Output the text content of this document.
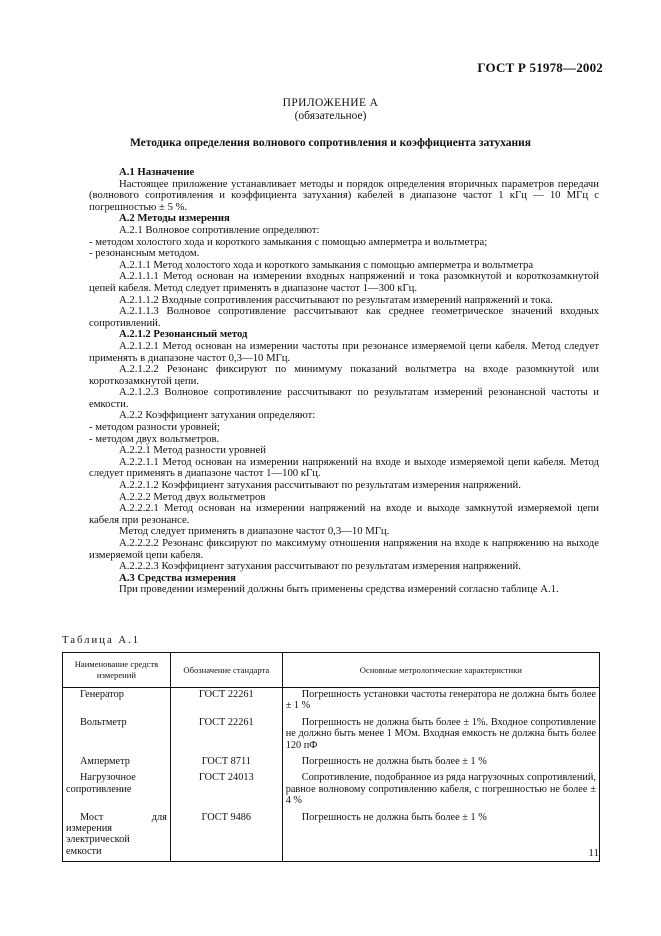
ГОСТ Р 51978—2002
ПРИЛОЖЕНИЕ А
(обязательное)
Методика определения волнового сопротивления и коэффициента затухания

А.1 Назначение

Настоящее приложение устанавливает методы и порядок определения вторичных параметров передачи (волнового сопротивления и коэффициента затухания) кабелей в диапазоне частот 1 кГц — 10 МГц с погрешностью ± 5 %.

А.2 Методы измерения

А.2.1 Волновое сопротивление определяют:

- методом холостого хода и короткого замыкания с помощью амперметра и вольтметра;

- резонансным методом.

А.2.1.1 Метод холостого хода и короткого замыкания с помощью амперметра и вольтметра

А.2.1.1.1 Метод основан на измерении входных напряжений и тока разомкнутой и короткозамкнутой цепей кабеля. Метод следует применять в диапазоне частот 1—300 кГц.

А.2.1.1.2 Входные сопротивления рассчитывают по результатам измерений напряжений и тока.

А.2.1.1.3 Волновое сопротивление рассчитывают как среднее геометрическое значений входных сопротивлений.

А.2.1.2 Резонансный метод

А.2.1.2.1 Метод основан на измерении частоты при резонансе измеряемой цепи кабеля. Метод следует применять в диапазоне частот 0,3—10 МГц.

А.2.1.2.2 Резонанс фиксируют по минимуму показаний вольтметра на входе разомкнутой или короткозамкнутой цепи.

А.2.1.2.3 Волновое сопротивление рассчитывают по результатам измерений резонансной частоты и емкости.

А.2.2 Коэффициент затухания определяют:

- методом разности уровней;

- методом двух вольтметров.

А.2.2.1 Метод разности уровней

А.2.2.1.1 Метод основан на измерении напряжений на входе и выходе измеряемой цепи кабеля. Метод следует применять в диапазоне частот 1—100 кГц.

А.2.2.1.2 Коэффициент затухания рассчитывают по результатам измерения напряжений.

А.2.2.2 Метод двух вольтметров

А.2.2.2.1 Метод основан на измерении напряжений на входе и выходе замкнутой измеряемой цепи кабеля при резонансе.

Метод следует применять в диапазоне частот 0,3—10 МГц.

А.2.2.2.2 Резонанс фиксируют по максимуму отношения напряжения на входе к напряжению на выходе измеряемой цепи кабеля.

А.2.2.2.3 Коэффициент затухания рассчитывают по результатам измерения напряжений.

А.3 Средства измерения

При проведении измерений должны быть применены средства измерений согласно таблице А.1.

Таблица А.1
Наименование средств измерений	Обозначение стандарта	Основные метрологические характеристики
Генератор	ГОСТ 22261	Погрешность установки частоты генератора не должна быть более ± 1 %
Вольтметр	ГОСТ 22261	Погрешность не должна быть более ± 1%. Входное сопротивление не должно быть менее 1 МОм. Входная емкость не должна быть более 120 пФ
Амперметр	ГОСТ 8711	Погрешность не должна быть более ± 1 %
Нагрузочное сопротивление	ГОСТ 24013	Сопротивление, подобранное из ряда нагрузочных сопротивлений, равное волновому сопротивлению кабеля, с погрешностью не более ± 4 %
Мост для измерения электрической емкости	ГОСТ 9486	Погрешность не должна быть более ± 1 %
11
